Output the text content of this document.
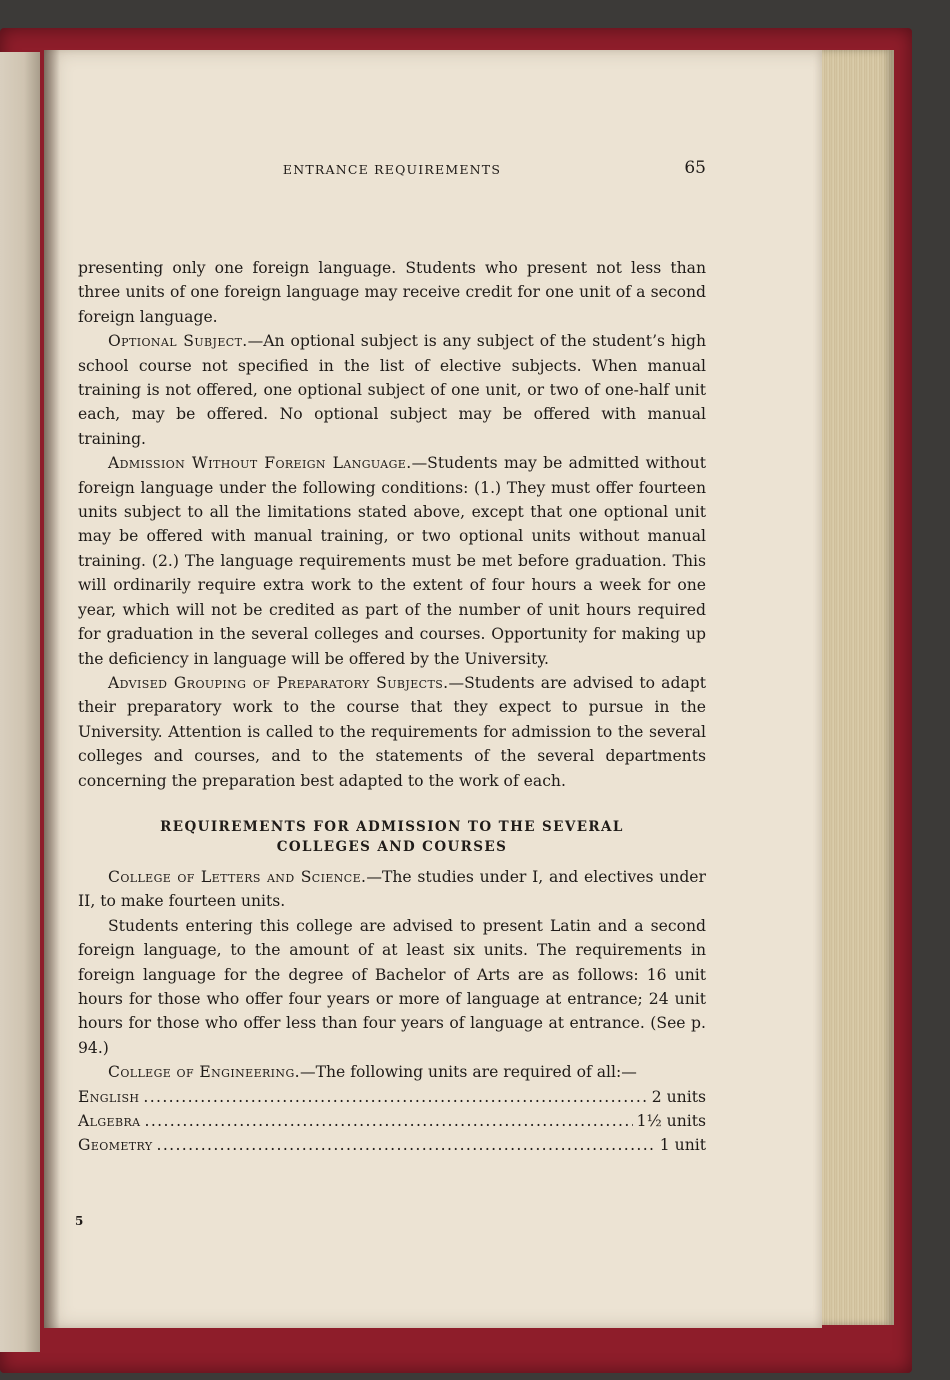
ENTRANCE REQUIREMENTS	65

presenting only one foreign language. Students who present not less than three units of one foreign language may receive credit for one unit of a second foreign language.

Optional Subject.—An optional subject is any subject of the student’s high school course not specified in the list of elective subjects. When manual training is not offered, one optional subject of one unit, or two of one-half unit each, may be offered. No optional subject may be offered with manual training.

Admission Without Foreign Language.—Students may be admitted without foreign language under the following conditions: (1.) They must offer fourteen units subject to all the limitations stated above, except that one optional unit may be offered with manual training, or two optional units without manual training. (2.) The language requirements must be met before graduation. This will ordinarily require extra work to the extent of four hours a week for one year, which will not be credited as part of the number of unit hours required for graduation in the several colleges and courses. Opportunity for making up the deficiency in language will be offered by the University.

Advised Grouping of Preparatory Subjects.—Students are advised to adapt their preparatory work to the course that they expect to pursue in the University. Attention is called to the requirements for admission to the several colleges and courses, and to the statements of the several departments concerning the preparation best adapted to the work of each.

REQUIREMENTS FOR ADMISSION TO THE SEVERAL
COLLEGES AND COURSES

College of Letters and Science.—The studies under I, and electives under II, to make fourteen units.

Students entering this college are advised to present Latin and a second foreign language, to the amount of at least six units. The requirements in foreign language for the degree of Bachelor of Arts are as follows: 16 unit hours for those who offer four years or more of language at entrance; 24 unit hours for those who offer less than four years of language at entrance. (See p. 94.)

College of Engineering.—The following units are required of all:—

English . . .	2 units
Algebra . . .	1½ units
Geometry . . .	1 unit
5
